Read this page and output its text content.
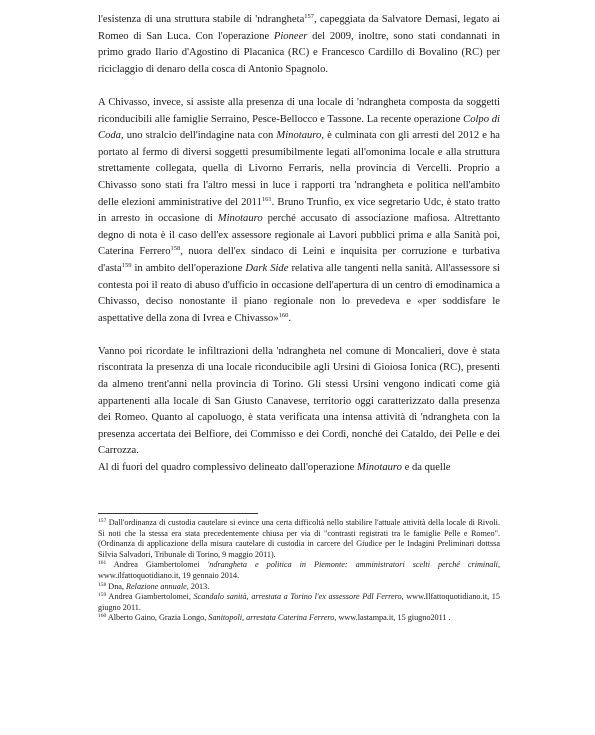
l'esistenza di una struttura stabile di 'ndrangheta$^{157}$, capeggiata da Salvatore Demasi, legato ai Romeo di San Luca. Con l'operazione Pioneer del 2009, inoltre, sono stati condannati in primo grado Ilario d'Agostino di Placanica (RC) e Francesco Cardillo di Bovalino (RC) per riciclaggio di denaro della cosca di Antonio Spagnolo.

A Chivasso, invece, si assiste alla presenza di una locale di 'ndrangheta composta da soggetti riconducibili alle famiglie Serraino, Pesce-Bellocco e Tassone. La recente operazione Colpo di Coda, uno stralcio dell'indagine nata con Minotauro, è culminata con gli arresti del 2012 e ha portato al fermo di diversi soggetti presumibilmente legati all'omonima locale e alla struttura strettamente collegata, quella di Livorno Ferraris, nella provincia di Vercelli. Proprio a Chivasso sono stati fra l'altro messi in luce i rapporti tra 'ndrangheta e politica nell'ambito delle elezioni amministrative del 2011$^{161}$. Bruno Trunfio, ex vice segretario Udc, è stato tratto in arresto in occasione di Minotauro perché accusato di associazione mafiosa. Altrettanto degno di nota è il caso dell'ex assessore regionale ai Lavori pubblici prima e alla Sanità poi, Caterina Ferrero$^{158}$, nuora dell'ex sindaco di Leinì e inquisita per corruzione e turbativa d'asta$^{159}$ in ambito dell'operazione Dark Side relativa alle tangenti nella sanità. All'assessore si contesta poi il reato di abuso d'ufficio in occasione dell'apertura di un centro di emodinamica a Chivasso, deciso nonostante il piano regionale non lo prevedeva e «per soddisfare le aspettative della zona di Ivrea e Chivasso»$^{160}$.

Vanno poi ricordate le infiltrazioni della 'ndrangheta nel comune di Moncalieri, dove è stata riscontrata la presenza di una locale riconducibile agli Ursini di Gioiosa Ionica (RC), presenti da almeno trent'anni nella provincia di Torino. Gli stessi Ursini vengono indicati come già appartenenti alla locale di San Giusto Canavese, territorio oggi caratterizzato dalla presenza dei Romeo. Quanto al capoluogo, è stata verificata una intensa attività di 'ndrangheta con la presenza accertata dei Belfiore, dei Commisso e dei Cordì, nonché dei Cataldo, dei Pelle e dei Carrozza.

Al di fuori del quadro complessivo delineato dall'operazione Minotauro e da quelle

$^{157}$ Dall'ordinanza di custodia cautelare si evince una certa difficoltà nello stabilire l'attuale attività della locale di Rivoli. Si noti che la stessa era stata precedentemente chiusa per via di "contrasti registrati tra le famiglie Pelle e Romeo". (Ordinanza di applicazione della misura cautelare di custodia in carcere del Giudice per le Indagini Preliminari dottssa Silvia Salvadori, Tribunale di Torino, 9 maggio 2011).

$^{161}$ Andrea Giambertolomei 'ndrangheta e politica in Piemonte: amministratori scelti perché criminali, www.ilfattoquotidiano.it, 19 gennaio 2014.

$^{158}$ Dna, Relazione annuale, 2013.

$^{159}$ Andrea Giambertolomei, Scandalo sanità, arrestata a Torino l'ex assessore Pdl Ferrero, www.Ilfattoquotidiano.it, 15 giugno 2011.

$^{160}$ Alberto Gaino, Grazia Longo, Sanitopoli, arrestata Caterina Ferrero, www.lastampa.it, 15 giugno2011 .
